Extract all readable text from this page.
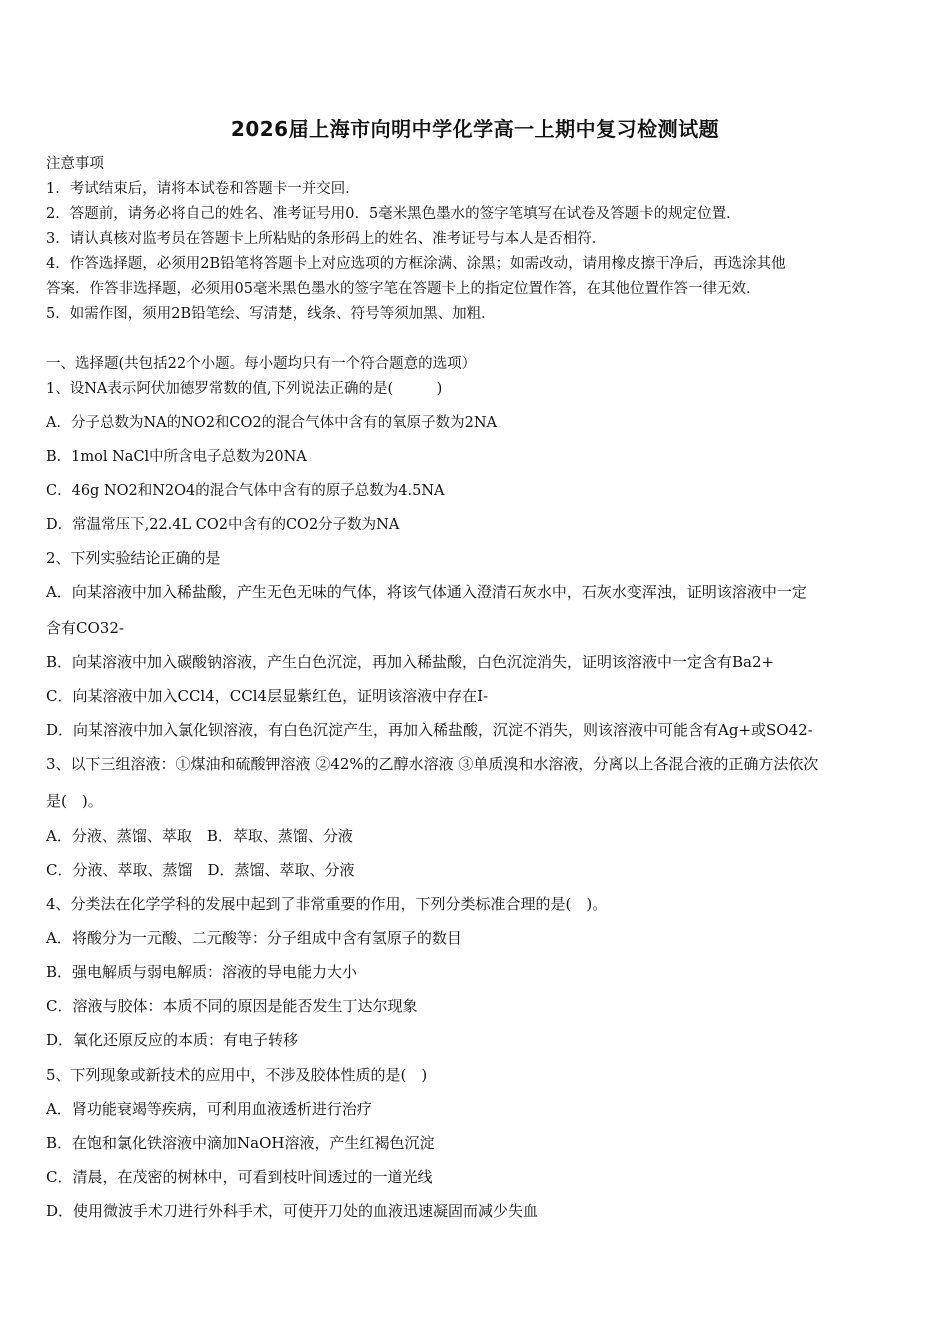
2026届上海市向明中学化学高一上期中复习检测试题
注意事项
1．考试结束后，请将本试卷和答题卡一并交回．
2．答题前，请务必将自己的姓名、准考证号用0．5毫米黑色墨水的签字笔填写在试卷及答题卡的规定位置．
3．请认真核对监考员在答题卡上所粘贴的条形码上的姓名、准考证号与本人是否相符．
4．作答选择题，必须用2B铅笔将答题卡上对应选项的方框涂满、涂黑；如需改动，请用橡皮擦干净后，再选涂其他
答案．作答非选择题，必须用05毫米黑色墨水的签字笔在答题卡上的指定位置作答，在其他位置作答一律无效．
5．如需作图，须用2B铅笔绘、写清楚，线条、符号等须加黑、加粗．
一、选择题(共包括22个小题。每小题均只有一个符合题意的选项）
1、设NA表示阿伏加德罗常数的值,下列说法正确的是(　　　)
A．分子总数为NA的NO2和CO2的混合气体中含有的氧原子数为2NA
B．1mol NaCl中所含电子总数为20NA
C．46g NO2和N2O4的混合气体中含有的原子总数为4.5NA
D．常温常压下,22.4L CO2中含有的CO2分子数为NA
2、下列实验结论正确的是
A．向某溶液中加入稀盐酸，产生无色无味的气体，将该气体通入澄清石灰水中，石灰水变浑浊，证明该溶液中一定
含有CO32-
B．向某溶液中加入碳酸钠溶液，产生白色沉淀，再加入稀盐酸，白色沉淀消失，证明该溶液中一定含有Ba2+
C．向某溶液中加入CCl4，CCl4层显紫红色，证明该溶液中存在I-
D．向某溶液中加入氯化钡溶液，有白色沉淀产生，再加入稀盐酸，沉淀不消失，则该溶液中可能含有Ag+或SO42-
3、以下三组溶液：①煤油和硫酸钾溶液 ②42%的乙醇水溶液 ③单质溴和水溶液，分离以上各混合液的正确方法依次
是(　)。
A．分液、蒸馏、萃取　B．萃取、蒸馏、分液
C．分液、萃取、蒸馏　D．蒸馏、萃取、分液
4、分类法在化学学科的发展中起到了非常重要的作用，下列分类标准合理的是(　)。
A．将酸分为一元酸、二元酸等：分子组成中含有氢原子的数目
B．强电解质与弱电解质：溶液的导电能力大小
C．溶液与胶体：本质不同的原因是能否发生丁达尔现象
D．氧化还原反应的本质：有电子转移
5、下列现象或新技术的应用中，不涉及胶体性质的是(　)
A．肾功能衰竭等疾病，可利用血液透析进行治疗
B．在饱和氯化铁溶液中滴加NaOH溶液，产生红褐色沉淀
C．清晨，在茂密的树林中，可看到枝叶间透过的一道光线
D．使用微波手术刀进行外科手术，可使开刀处的血液迅速凝固而减少失血
